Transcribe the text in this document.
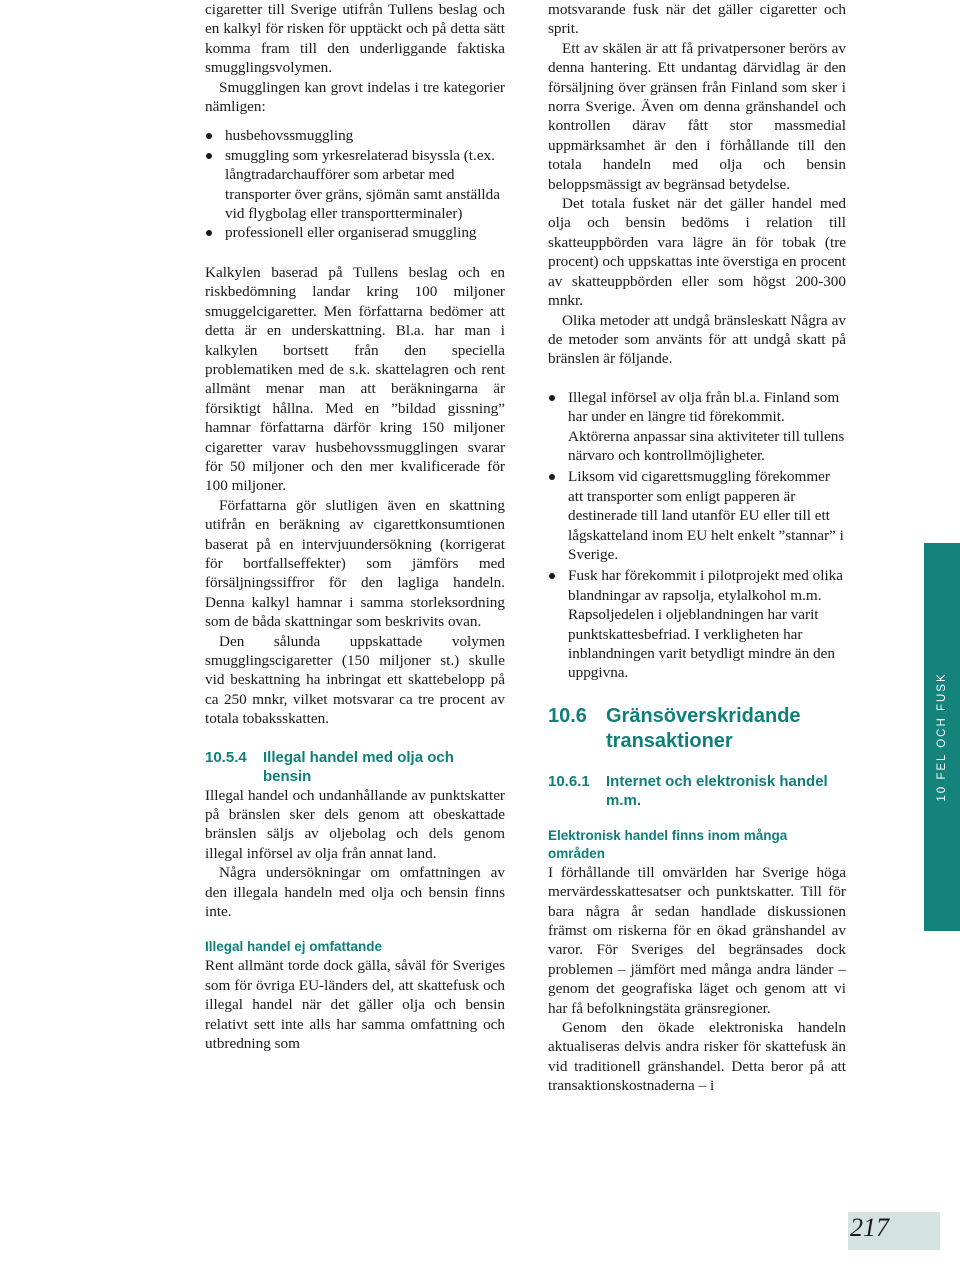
cigaretter till Sverige utifrån Tullens beslag och en kalkyl för risken för upptäckt och på detta sätt komma fram till den underliggande faktiska smugglingsvolymen.

Smugglingen kan grovt indelas i tre kategorier nämligen:

husbehovssmuggling
smuggling som yrkesrelaterad bisyssla (t.ex. långtradarchaufförer som arbetar med transporter över gräns, sjömän samt anställda vid flygbolag eller transportterminaler)
professionell eller organiserad smuggling

Kalkylen baserad på Tullens beslag och en riskbedömning landar kring 100 miljoner smuggelcigaretter. Men författarna bedömer att detta är en underskattning. Bl.a. har man i kalkylen bortsett från den speciella problematiken med de s.k. skattelagren och rent allmänt menar man att beräkningarna är försiktigt hållna. Med en ”bildad gissning” hamnar författarna därför kring 150 miljoner cigaretter varav husbehovssmugglingen svarar för 50 miljoner och den mer kvalificerade för 100 miljoner.

Författarna gör slutligen även en skattning utifrån en beräkning av cigarettkonsumtionen baserat på en intervjuundersökning (korrigerat för bortfallseffekter) som jämförs med försäljningssiffror för den lagliga handeln. Denna kalkyl hamnar i samma storleksordning som de båda skattningar som beskrivits ovan.

Den sålunda uppskattade volymen smugglingscigaretter (150 miljoner st.) skulle vid beskattning ha inbringat ett skattebelopp på ca 250 mnkr, vilket motsvarar ca tre procent av totala tobaksskatten.

10.5.4	Illegal handel med olja och bensin

Illegal handel och undanhållande av punktskatter på bränslen sker dels genom att obeskattade bränslen säljs av oljebolag och dels genom illegal införsel av olja från annat land.

Några undersökningar om omfattningen av den illegala handeln med olja och bensin finns inte.

Illegal handel ej omfattande

Rent allmänt torde dock gälla, såväl för Sveriges som för övriga EU-länders del, att skattefusk och illegal handel när det gäller olja och bensin relativt sett inte alls har samma omfattning och utbredning som

motsvarande fusk när det gäller cigaretter och sprit.

Ett av skälen är att få privatpersoner berörs av denna hantering. Ett undantag därvidlag är den försäljning över gränsen från Finland som sker i norra Sverige. Även om denna gränshandel och kontrollen därav fått stor massmedial uppmärksamhet är den i förhållande till den totala handeln med olja och bensin beloppsmässigt av begränsad betydelse.

Det totala fusket när det gäller handel med olja och bensin bedöms i relation till skatteuppbörden vara lägre än för tobak (tre procent) och uppskattas inte överstiga en procent av skatteuppbörden eller som högst 200-300 mnkr.

Olika metoder att undgå bränsleskatt Några av de metoder som använts för att undgå skatt på bränslen är följande.

Illegal införsel av olja från bl.a. Finland som har under en längre tid förekommit. Aktörerna anpassar sina aktiviteter till tullens närvaro och kontrollmöjligheter.
Liksom vid cigarettsmuggling förekommer att transporter som enligt papperen är destinerade till land utanför EU eller till ett lågskatteland inom EU helt enkelt ”stannar” i Sverige.
Fusk har förekommit i pilotprojekt med olika blandningar av rapsolja, etylalkohol m.m. Rapsoljedelen i oljeblandningen har varit punktskattesbefriad. I verkligheten har inblandningen varit betydligt mindre än den uppgivna.
10.6 Gränsöverskridande transaktioner
10.6.1	Internet och elektronisk handel m.m.
Elektronisk handel finns inom många områden

I förhållande till omvärlden har Sverige höga mervärdesskattesatser och punktskatter. Till för bara några år sedan handlade diskussionen främst om riskerna för en ökad gränshandel av varor. För Sveriges del begränsades dock problemen – jämfört med många andra länder – genom det geografiska läget och genom att vi har få befolkningstäta gränsregioner.

Genom den ökade elektroniska handeln aktualiseras delvis andra risker för skattefusk än vid traditionell gränshandel. Detta beror på att transaktionskostnaderna – i

10 FEL OCH FUSK
217
